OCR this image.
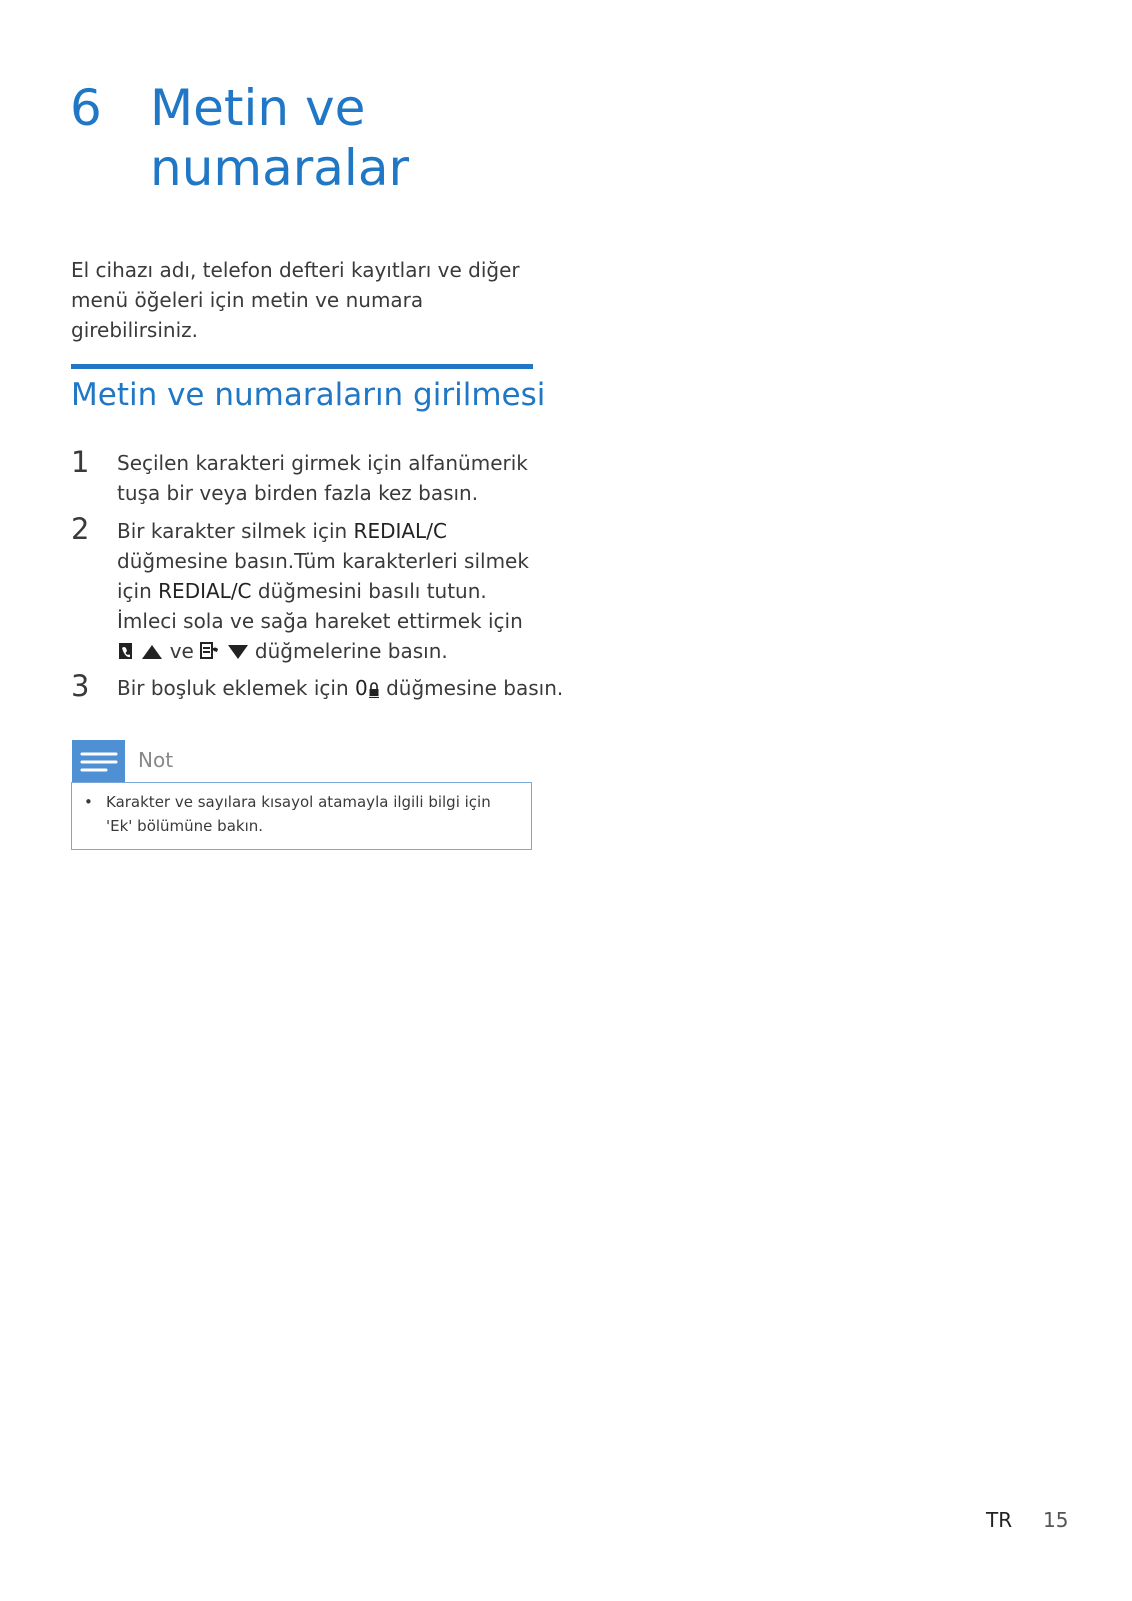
6 Metin ve
numaralar
El cihazı adı, telefon defteri kayıtları ve diğer menü öğeleri için metin ve numara girebilirsiniz.
Metin ve numaraların girilmesi
1 Seçilen karakteri girmek için alfanümerik tuşa bir veya birden fazla kez basın.
2 Bir karakter silmek için REDIAL/C düğmesine basın.Tüm karakterleri silmek için REDIAL/C düğmesini basılı tutun. İmleci sola ve sağa hareket ettirmek için   ve   düğmelerine basın.
3 Bir boşluk eklemek için 0 düğmesine basın.
Not
• Karakter ve sayılara kısayol atamayla ilgili bilgi için 'Ek' bölümüne bakın.
TR 15
